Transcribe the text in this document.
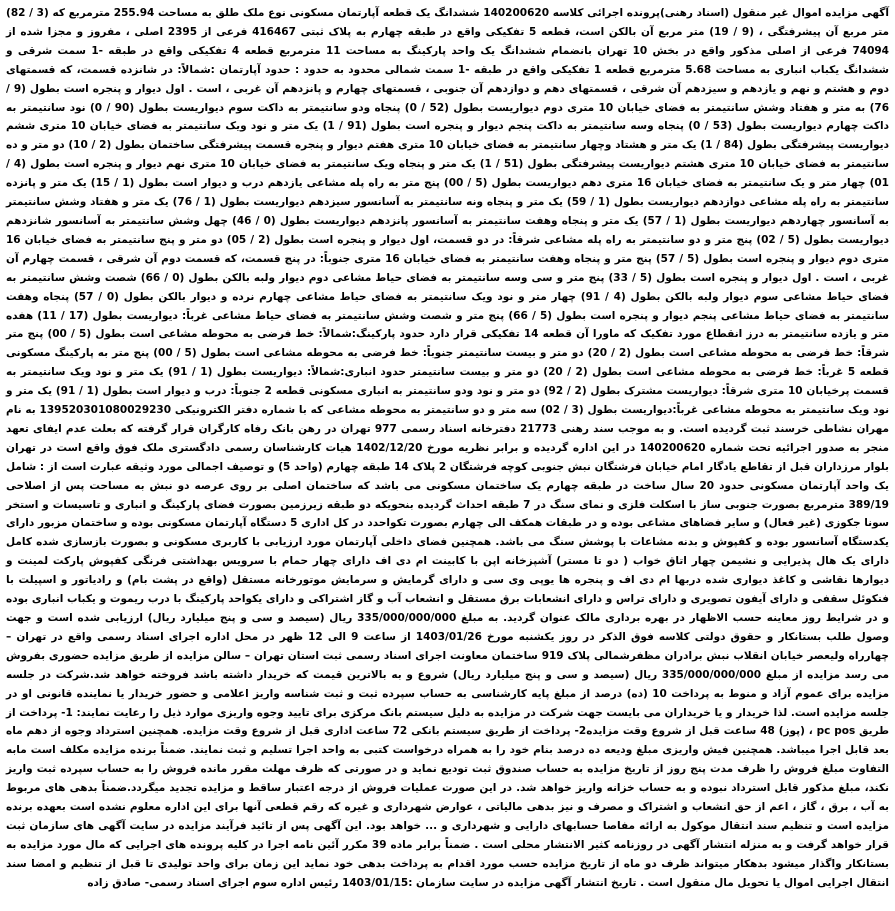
آگهی مزایده اموال غیر منقول (اسناد رهنی)پرونده اجرائی کلاسه 140200620 ششدانگ یک قطعه آپارتمان مسکونی نوع ملک طلق به مساحت 255.94 مترمربع که (3 / 82) متر مربع آن پیشرفتگی ، (9 / 19) متر مربع آن بالکن است، قطعه 5 تفکیکی واقع در طبقه چهارم به پلاک ثبتی 416467 فرعی از 2395 اصلی ، مفروز و مجزا شده از 74094 فرعی از اصلی مذکور واقع در بخش 10 تهران بانضمام ششدانگ یک واحد پارکینگ به مساحت 11 مترمربع قطعه 4 تفکیکی واقع در طبقه -1 سمت شرقی و ششدانگ یکباب انباری به مساحت 5.68 مترمربع قطعه 1 تفکیکی واقع در طبقه -1 سمت شمالی محدود به حدود : حدود آپارتمان :شمالاً: در شانزده قسمت، که قسمتهای دوم و هشتم و نهم و یازدهم و سیزدهم آن شرقی ، قسمتهای دهم و دوازدهم آن جنوبی ، قسمتهای چهارم و پانزدهم آن غربی ، است . اول دیوار و پنجره است بطول (9 / 76) به متر و هفتاد وشش سانتیمتر به فضای خیابان 10 متری دوم دیواریست بطول (52 / 0) پنجاه ودو سانتیمتر به داکت سوم دیواریست بطول (90 / 0) نود سانتیمتر به داکت چهارم دیواریست بطول (53 / 0) پنجاه وسه سانتیمتر به داکت پنجم دیوار و پنجره است بطول (91 / 1) یک متر و نود ویک سانتیمتر به فضای خیابان 10 متری ششم دیواریست پیشرفتگی بطول (84 / 1) یک متر و هشتاد وچهار سانتیمتر به فضای خیابان 10 متری هفتم دیوار و پنجره قسمت پیشرفتگی ساختمان بطول (2 / 10) دو متر و ده سانتیمتر به فضای خیابان 10 متری هشتم دیواریست پیشرفتگی بطول (51 / 1) یک متر و پنجاه ویک سانتیمتر به فضای خیابان 10 متری نهم دیوار و پنجره است بطول (4 / 01) چهار متر و یک سانتیمتر به فضای خیابان 16 متری دهم دیواریست بطول (5 / 00) پنج متر به راه پله مشاعی یازدهم درب و دیوار است بطول (1 / 15) یک متر و پانزده سانتیمتر به راه پله مشاعی دوازدهم دیواریست بطول (1 / 59) یک متر و پنجاه ونه سانتیمتر به آسانسور سیزدهم دیواریست بطول (1 / 76) یک متر و هفتاد وشش سانتیمتر به آسانسور چهاردهم دیواریست بطول (1 / 57) یک متر و پنجاه وهفت سانتیمتر به آسانسور پانزدهم دیواریست بطول (0 / 46) چهل وشش سانتیمتر به آسانسور شانزدهم دیواریست بطول (5 / 02) پنج متر و دو سانتیمتر به راه پله مشاعی شرقاً: در دو قسمت، اول دیوار و پنجره است بطول (2 / 05) دو متر و پنج سانتیمتر به فضای خیابان 16 متری دوم دیوار و پنجره است بطول (5 / 57) پنج متر و پنجاه وهفت سانتیمتر به فضای خیابان 16 متری جنوباً: در پنج قسمت، که قسمت دوم آن شرقی ، قسمت چهارم آن غربی ، است . اول دیوار و پنجره است بطول (5 / 33) پنج متر و سی وسه سانتیمتر به فضای حیاط مشاعی دوم دیوار ولبه بالکن بطول (0 / 66) شصت وشش سانتیمتر به فضای حیاط مشاعی سوم دیوار ولبه بالکن بطول (4 / 91) چهار متر و نود ویک سانتیمتر به فضای حیاط مشاعی چهارم نرده و دیوار بالکن بطول (0 / 57) پنجاه وهفت سانتیمتر به فضای حیاط مشاعی پنجم دیوار و پنجره است بطول (5 / 66) پنج متر و شصت وشش سانتیمتر به فضای حیاط مشاعی غرباً: دیواریست بطول (17 / 11) هفده متر و یازده سانتیمتر به درز انقطاع مورد تفکیک که ماورا آن قطعه 14 تفکیکی قرار دارد حدود پارکینگ:شمالاً: خط فرضی به محوطه مشاعی است بطول (5 / 00) پنج متر شرقاً: خط فرضی به محوطه مشاعی است بطول (2 / 20) دو متر و بیست سانتیمتر جنوباً: خط فرضی به محوطه مشاعی است بطول (5 / 00) پنج متر به پارکینگ مسکونی قطعه 5 غرباً: خط فرضی به محوطه مشاعی است بطول (2 / 20) دو متر و بیست سانتیمتر حدود انباری:شمالاً: دیواریست بطول (1 / 91) یک متر و نود ویک سانتیمتر به قسمت پرخیابان 10 متری شرقاً: دیواریست مشترک بطول (2 / 92) دو متر و نود ودو سانتیمتر به انباری مسکونی قطعه 2 جنوباً: درب و دیوار است بطول (1 / 91) یک متر و نود ویک سانتیمتر به محوطه مشاعی غرباً:دیواریست بطول (3 / 02) سه متر و دو سانتیمتر به محوطه مشاعی که با شماره دفتر الکترونیکی 139520301080029230 به نام مهران نشاطی خرسند ثبت گردیده است. و به موجب سند رهنی 21773 دفترخانه اسناد رسمی 977 تهران در رهن بانک رفاه کارگران قرار گرفته که بعلت عدم ایفای تعهد منجر به صدور اجرائیه تحت شماره 140200620 در این اداره گردیده و برابر نظریه مورخ 1402/12/20 هیات کارشناسان رسمی دادگستری ملک فوق واقع است در تهران بلوار مرزداران قبل از تقاطع یادگار امام خیابان فرشتگان نبش جنوبی کوچه فرشتگان 2 پلاک 14 طبقه چهارم (واحد 5) و توصیف اجمالی مورد وثیقه عبارت است از : شامل یک واحد آپارتمان مسکونی حدود 20 سال ساخت در طبقه چهارم یک ساختمان مسکونی می باشد که ساختمان اصلی بر روی عرصه دو نبش به مساحت پس از اصلاحی 389/19 مترمربع بصورت جنوبی ساز با اسکلت فلزی و نمای سنگ در 7 طبقه احداث گردیده بنحویکه دو طبقه زیرزمین بصورت فضای پارکینگ و انباری و تاسیسات و استخر سونا جکوزی (غیر فعال) و سایر فضاهای مشاعی بوده و در طبقات همکف الی چهارم بصورت تکواحدد در کل اداری 5 دستگاه آپارتمان مسکونی بوده و ساختمان مزبور دارای یکدستگاه آسانسور بوده و کفپوش و بدنه مشاعات با پوشش سنگ می باشد. همچنین فضای داخلی آپارتمان مورد ارزیابی با کاربری مسکونی و بصورت بازسازی شده کامل دارای یک هال پذیرایی و نشیمن چهار اتاق خواب ( دو تا مستر) آشپزخانه اپن با کابینت ام دی اف دارای چهار حمام با سرویس بهداشتی فرنگی کفپوش پارکت لمینت و دیوارها نقاشی و کاغذ دیواری شده دربها ام دی اف و پنجره ها یوپی وی سی و دارای گرمایش و سرمایش موتورخانه مستقل (واقع در پشت بام) و رادیاتور و اسپیلت با فنکوئل سقفی و دارای آیفون تصویری و دارای تراس و دارای انشعابات برق مستقل و انشعاب آب و گاز اشتراکی و دارای یکواحد پارکینگ با درب ریموت و یکباب انباری بوده و در شرایط روز معاینه حسب الاظهار در بهره برداری مالک عنوان گردید. به مبلغ 335/000/000/000 ریال (سیصد و سی و پنج میلیارد ریال) ارزیابی شده است و جهت وصول طلب بستانکار و حقوق دولتی کلاسه فوق الذکر در روز یکشنبه مورخ 1403/01/26 از ساعت 9 الی 12 ظهر در محل اداره اجرای اسناد رسمی واقع در تهران – چهارراه ولیعصر خیابان انقلاب نبش برادران مظفرشمالی پلاک 919 ساختمان معاونت اجرای اسناد رسمی ثبت استان تهران – سالن مزایده از طریق مزایده حضوری بفروش می رسد مزایده از مبلغ 335/000/000/000 ریال (سیصد و سی و پنج میلیارد ریال) شروع و به بالاترین قیمت که خریدار داشته باشد فروخته خواهد شد.شرکت در جلسه مزایده برای عموم آزاد و منوط به پرداخت 10 (ده) درصد از مبلغ پایه کارشناسی به حساب سپرده ثبت و ثبت شناسه واریز اعلامی و حضور خریدار یا نماینده قانونی او در جلسه مزایده است. لذا خریدار و یا خریداران می بایست جهت شرکت در مزایده به دلیل سیستم بانک مرکزی برای تایید وجوه واریزی موارد ذیل را رعایت نمایند: 1- پرداخت از طریق pc pos ، (پوز) 48 ساعت قبل از شروع وقت مزایده2- پرداخت از طریق سیستم بانکی 72 ساعت اداری قبل از شروع وقت مزایده. همچنین استرداد وجوه از دهم ماه بعد قابل اجرا میباشد. همچنین فیش واریزی مبلغ ودیعه ده درصد بنام خود را به همراه درخواست کتبی به واحد اجرا تسلیم و ثبت نمایند. ضمناً برنده مزایده مکلف است مابه التفاوت مبلغ فروش را ظرف مدت پنج روز از تاریخ مزایده به حساب صندوق ثبت تودیع نماید و در صورتی که ظرف مهلت مقرر مانده فروش را به حساب سپرده ثبت واریز نکند، مبلغ مذکور قابل استرداد نبوده و به حساب خزانه واریز خواهد شد. در این صورت عملیات فروش از درجه اعتبار ساقط و مزایده تجدید میگردد.ضمناً بدهی های مربوط به آب ، برق ، گاز ، اعم از حق انشعاب و اشتراک و مصرف و نیز بدهی مالیاتی ، عوارض شهرداری و غیره که رقم قطعی آنها برای این اداره معلوم نشده است بعهده برنده مزایده است و تنظیم سند انتقال موکول به ارائه مفاصا حسابهای دارایی و شهرداری و ... خواهد بود. این آگهی پس از تائید فرآیند مزایده در سایت آگهی های سازمان ثبت قرار خواهد گرفت و به منزله انتشار آگهی در روزنامه کثیر الانتشار محلی است . ضمناً برابر ماده 39 مکرر آئین نامه اجرا در کلیه پرونده های اجرایی که مال مورد مزایده به بستانکار واگذار میشود بدهکار میتواند ظرف دو ماه از تاریخ مزایده حسب مورد اقدام به پرداخت بدهی خود نماید این زمان برای واحد تولیدی تا قبل از تنظیم و امضا سند انتقال اجرایی اموال یا تحویل مال منقول است . تاریخ انتشار آگهی مزایده در سایت سازمان :1403/01/15 رئیس اداره سوم اجرای اسناد رسمی- صادق زاده
